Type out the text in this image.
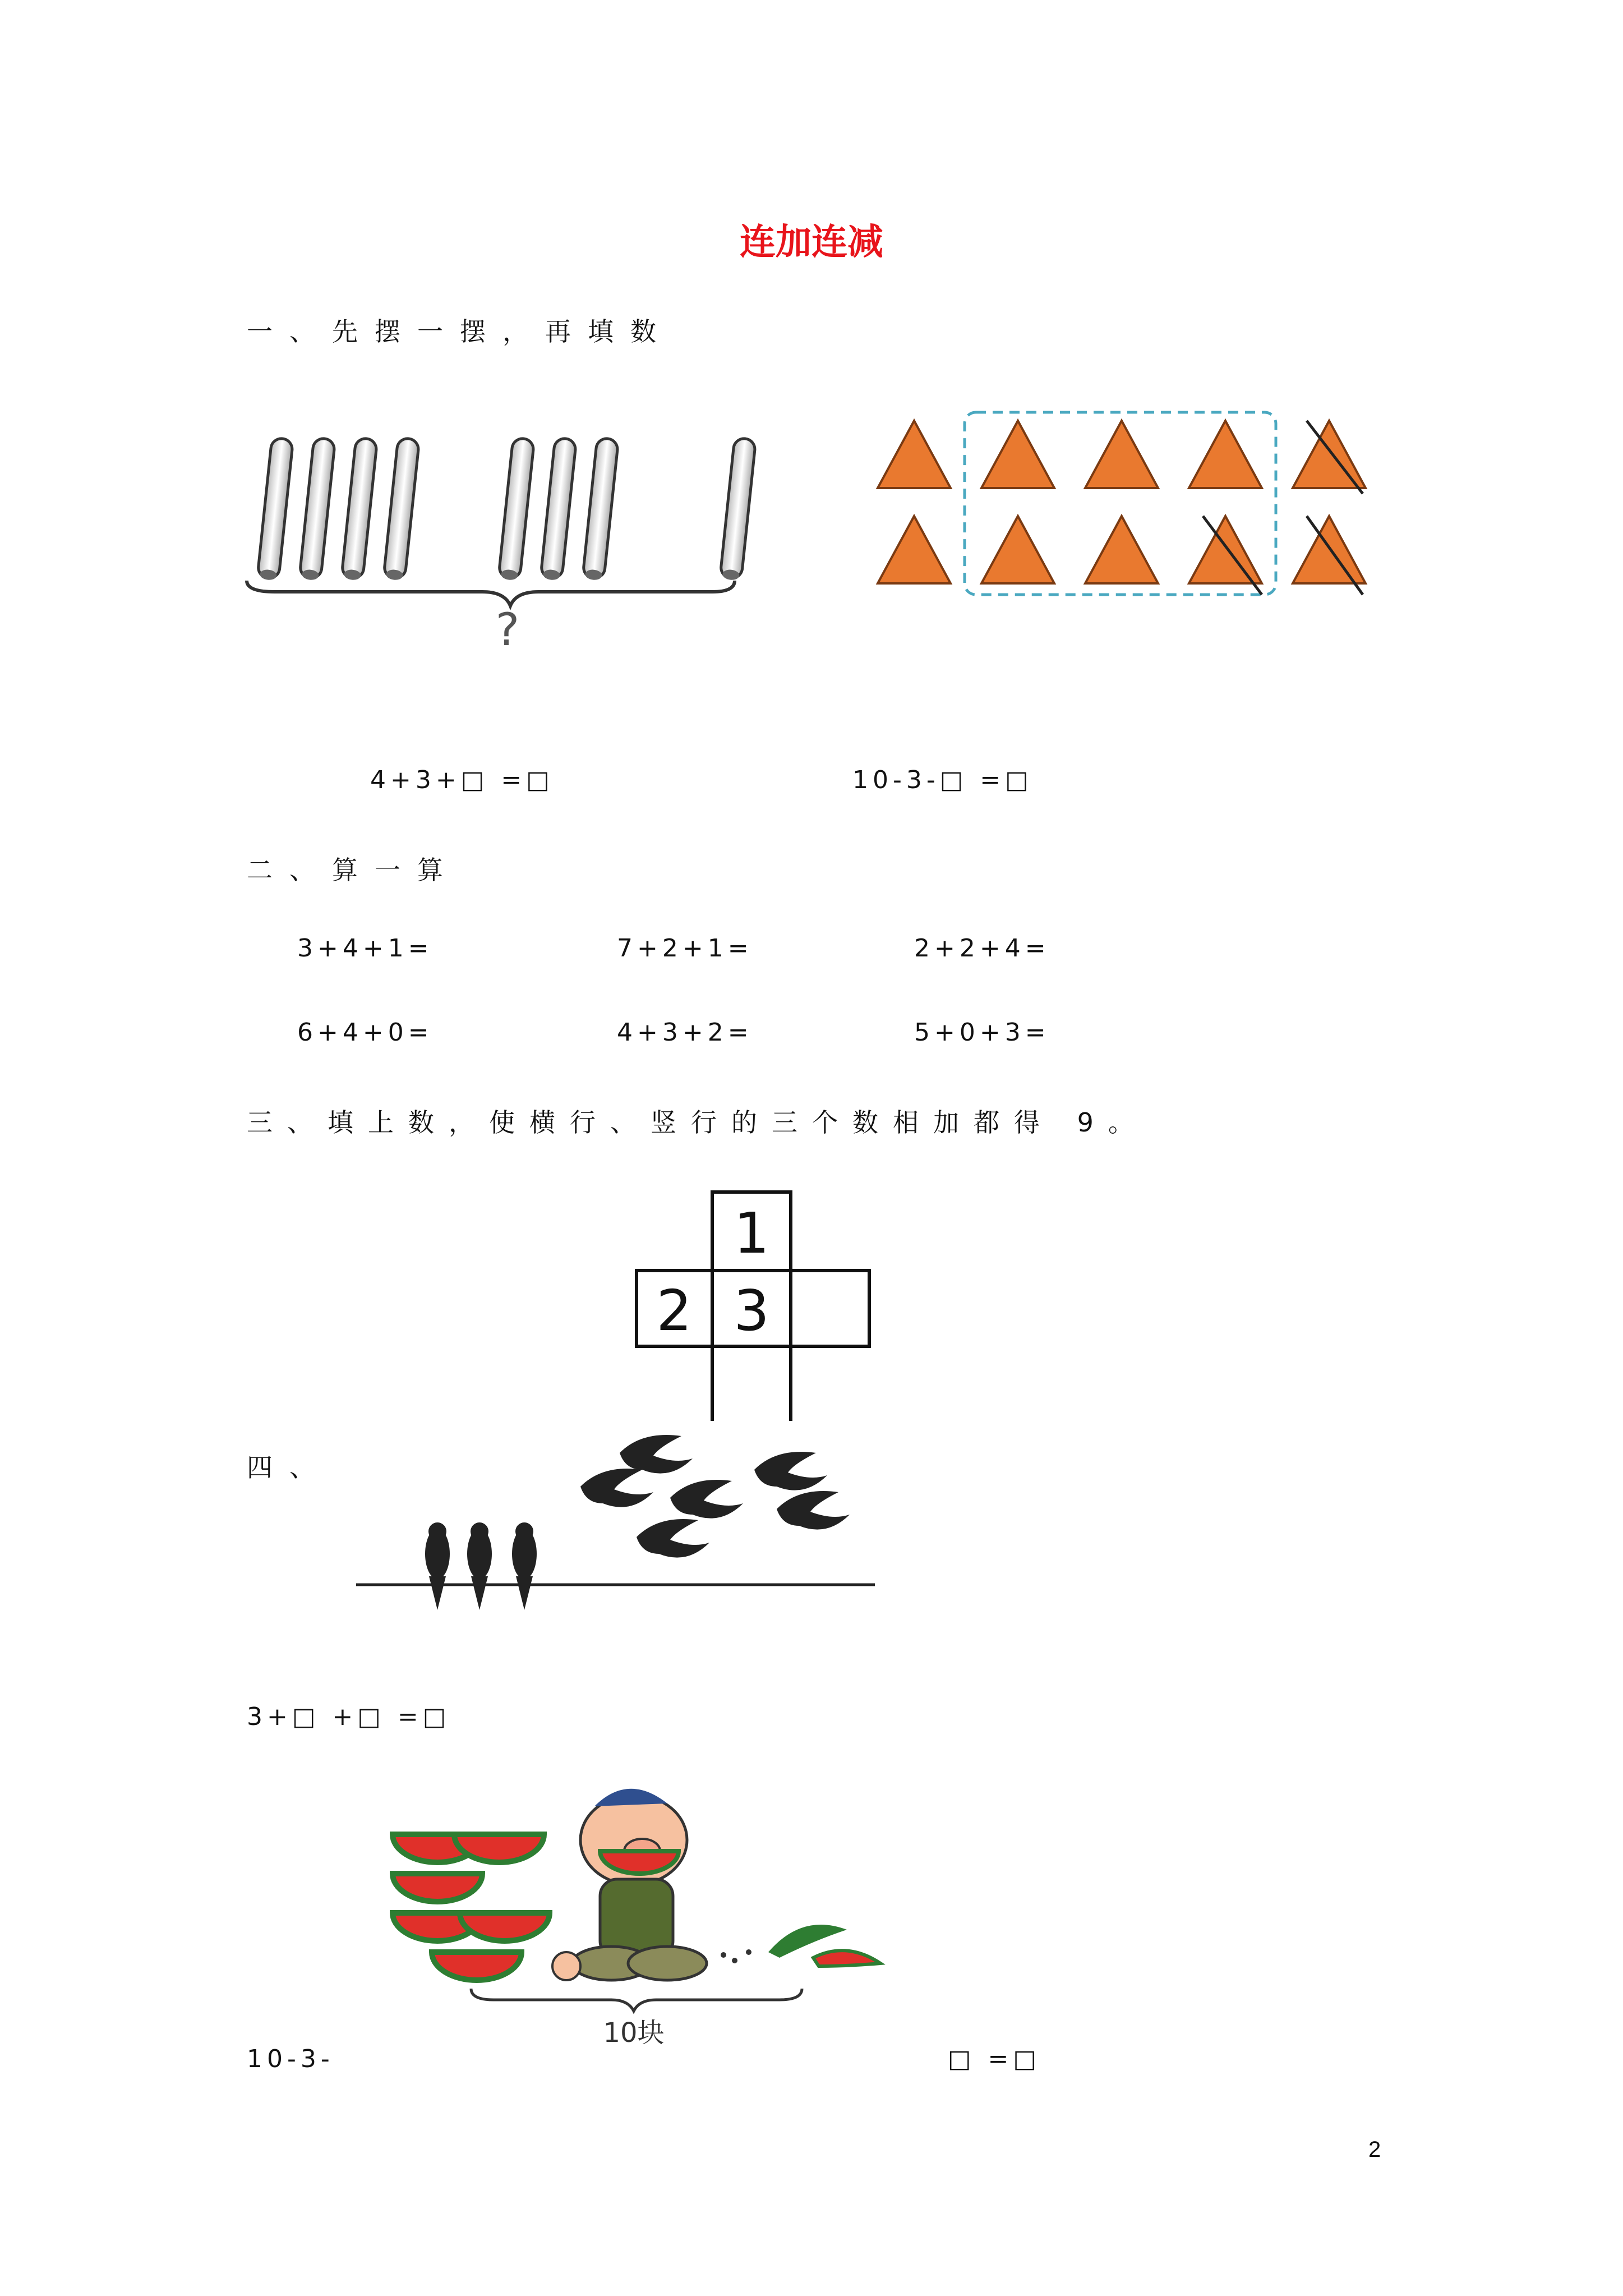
连加连减
一、先摆一摆，再填数
?
4+3+□ =□	10-3-□ =□
二、算一算
3+4+1=	7+2+1=	2+2+4=
6+4+0=	4+3+2=	5+0+3=
三、填上数，使横行、竖行的三个数相加都得 9。
1
2 3
四、
3+□ +□ =□
10块
10-3-	□ =□
2
